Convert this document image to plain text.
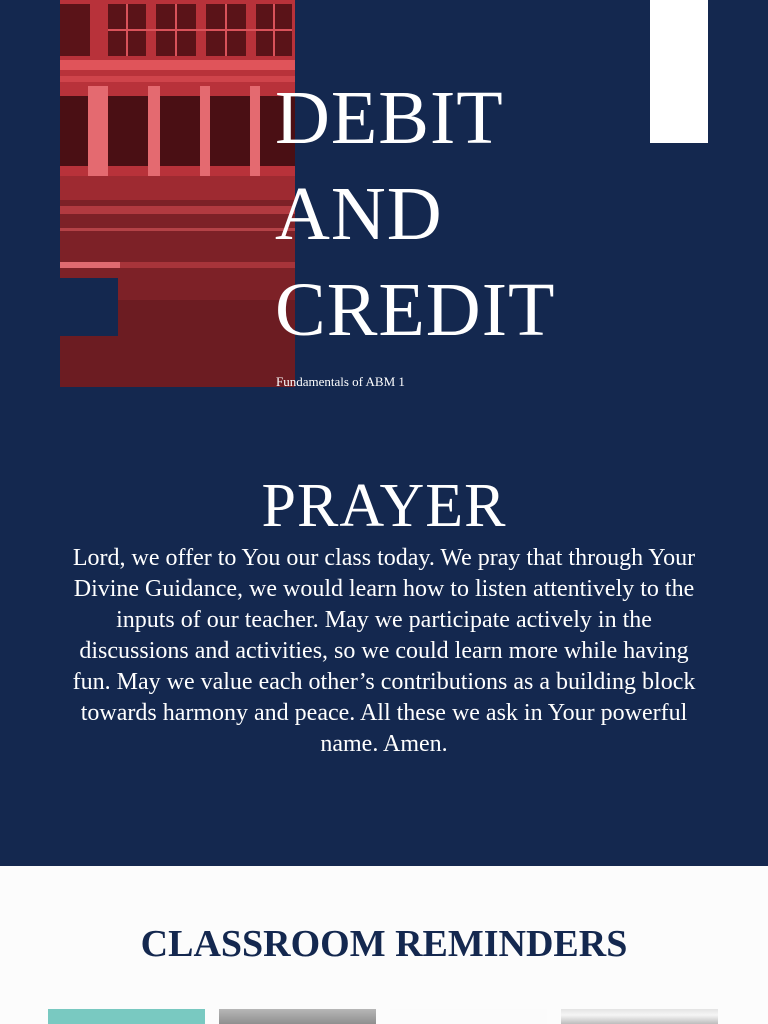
DEBIT
AND
CREDIT
Fundamentals of ABM 1
PRAYER

Lord, we offer to You our class today. We pray that through Your Divine Guidance, we would learn how to listen attentively to the inputs of our teacher. May we participate actively in the discussions and activities, so we could learn more while having fun. May we value each other’s contributions as a building block towards harmony and peace. All these we ask in Your powerful name. Amen.

CLASSROOM REMINDERS
